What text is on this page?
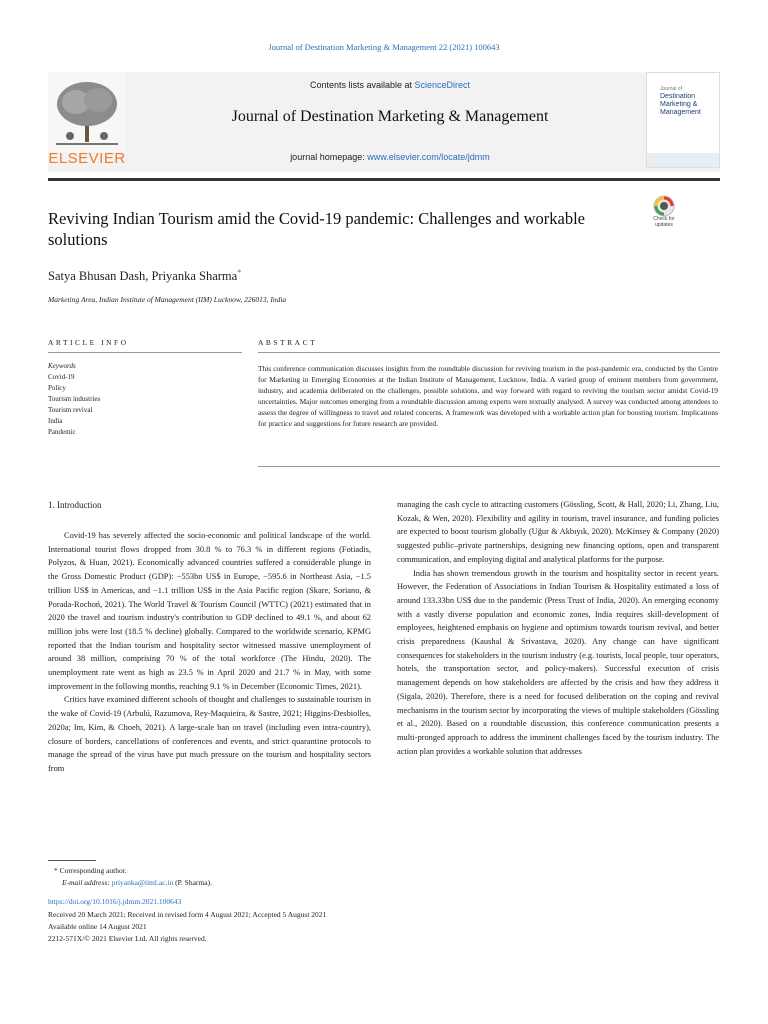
Journal of Destination Marketing & Management 22 (2021) 100643
ELSEVIER
Contents lists available at ScienceDirect
Journal of Destination Marketing & Management
journal homepage: www.elsevier.com/locate/jdmm
Journal of
Destination
Marketing &
Management
Reviving Indian Tourism amid the Covid-19 pandemic: Challenges and workable solutions
Check for updates
Satya Bhusan Dash, Priyanka Sharma*
Marketing Area, Indian Institute of Management (IIM) Lucknow, 226013, India
ARTICLE INFO	ABSTRACT
Keywords
Covid-19
Policy
Tourism industries
Tourism revival
India
Pandemic
This conference communication discusses insights from the roundtable discussion for reviving tourism in the post-pandemic era, conducted by the Centre for Marketing in Emerging Economies at the Indian Institute of Management, Lucknow, India. A varied group of eminent members from government, industry, and academia deliberated on the challenges, possible solutions, and way forward with regard to reviving the tourism sector amidst Covid-19 uncertainties. Major outcomes emerging from a roundtable discussion among experts were textually analysed. A survey was conducted among attendees to assess the degree of willingness to travel and related concerns. A framework was developed with a workable action plan for boosting tourism. Implications for practice and suggestions for future research are provided.
1. Introduction

Covid-19 has severely affected the socio-economic and political landscape of the world. International tourist flows dropped from 30.8 % to 76.3 % in different regions (Fotiadis, Polyzos, & Huan, 2021). Economically advanced countries suffered a considerable plunge in the Gross Domestic Product (GDP): −553bn US$ in Europe, −595.6 in Northeast Asia, −1.5 trillion US$ in Americas, and −1.1 trillion US$ in the Asia Pacific region (Skare, Soriano, & Porada-Rochoń, 2021). The World Travel & Tourism Council (WTTC) (2021) estimated that in 2020 the travel and tourism industry's contribution to GDP declined to 49.1 %, and about 62 million jobs were lost (18.5 % decline) globally. Compared to the worldwide scenario, KPMG reported that the Indian tourism and hospitality sector witnessed massive unemployment of around 38 million, comprising 70 % of the total workforce (The Hindu, 2020). The unemployment rate went as high as 23.5 % in April 2020 and 21.7 % in May, with some improvement in the following months, reaching 9.1 % in December (Economic Times, 2021).

Critics have examined different schools of thought and challenges to sustainable tourism in the wake of Covid-19 (Arbulú, Razumova, Rey-Maquieira, & Sastre, 2021; Higgins-Desbiolles, 2020a; Im, Kim, & Choeh, 2021). A large-scale ban on travel (including even intra-country), closure of borders, cancellations of conferences and events, and strict quarantine protocols to manage the spread of the virus have put much pressure on the tourism and hospitality sectors from

managing the cash cycle to attracting customers (Gössling, Scott, & Hall, 2020; Li, Zhang, Liu, Kozak, & Wen, 2020). Flexibility and agility in tourism, travel insurance, and funding policies are expected to boost tourism globally (Uğur & Akbıyık, 2020). McKinsey & Company (2020) suggested public–private partnerships, designing new financing options, open and transparent communication, and employing digital and analytical platforms for the purpose.

India has shown tremendous growth in the tourism and hospitality sector in recent years. However, the Federation of Associations in Indian Tourism & Hospitality estimated a loss of around 133.33bn US$ due to the pandemic (Press Trust of India, 2020). An emerging economy with a vastly diverse population and economic zones, India requires skill-development of employees, heightened emphasis on hygiene and optimism towards tourism revival, and better crisis preparedness (Kaushal & Srivastava, 2020). Any change can have significant consequences for stakeholders in the tourism industry (e.g. tourists, local people, tour operators, hotels, the transportation sector, and policy-makers). Successful execution of crisis management depends on how stakeholders are affected by the crisis and how they address it (Sigala, 2020). Therefore, there is a need for focused deliberation on the coping and revival mechanisms in the tourism sector by incorporating the views of multiple stakeholders (Gössling et al., 2020). Based on a roundtable discussion, this conference communication presents a multi-pronged approach to address the imminent challenges faced by the tourism industry. The action plan provides a workable solution that addresses

* Corresponding author.
E-mail address: priyanka@iiml.ac.in (P. Sharma).
https://doi.org/10.1016/j.jdmm.2021.100643
Received 20 March 2021; Received in revised form 4 August 2021; Accepted 5 August 2021
Available online 14 August 2021
2212-571X/© 2021 Elsevier Ltd. All rights reserved.
